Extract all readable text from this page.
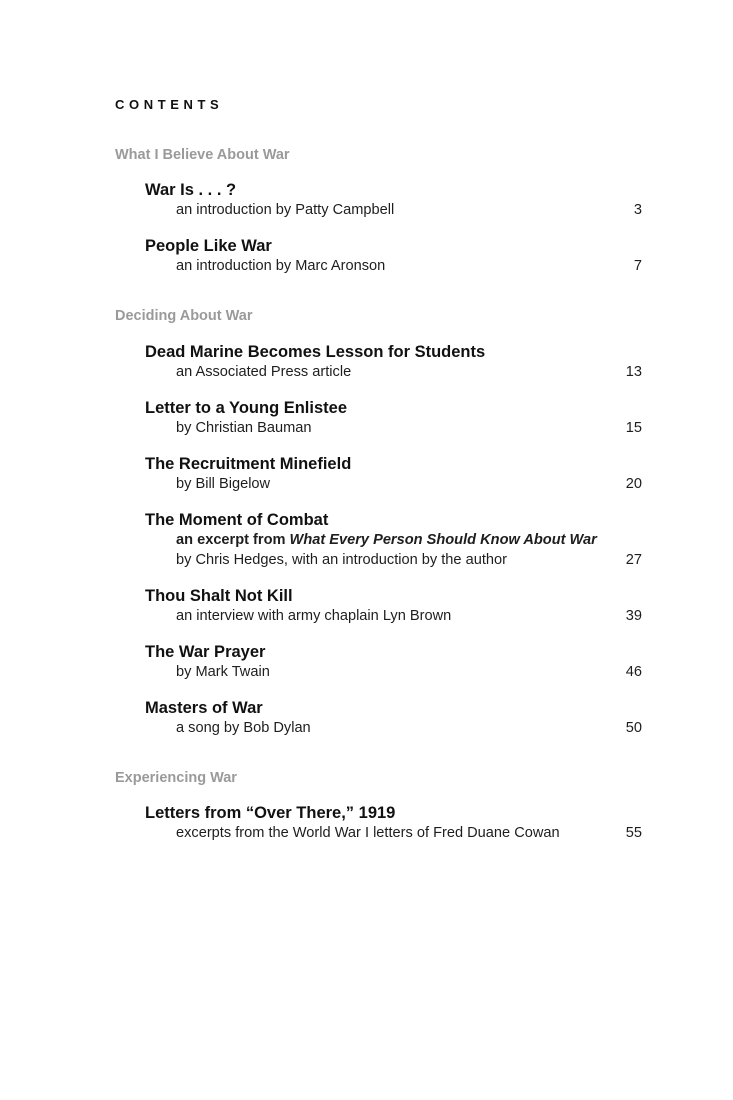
CONTENTS
What I Believe About War
War Is . . . ?
an introduction by Patty Campbell	3
People Like War
an introduction by Marc Aronson	7
Deciding About War
Dead Marine Becomes Lesson for Students
an Associated Press article	13
Letter to a Young Enlistee
by Christian Bauman	15
The Recruitment Minefield
by Bill Bigelow	20
The Moment of Combat
an excerpt from What Every Person Should Know About War
by Chris Hedges, with an introduction by the author	27
Thou Shalt Not Kill
an interview with army chaplain Lyn Brown	39
The War Prayer
by Mark Twain	46
Masters of War
a song by Bob Dylan	50
Experiencing War
Letters from “Over There,” 1919
excerpts from the World War I letters of Fred Duane Cowan	55
